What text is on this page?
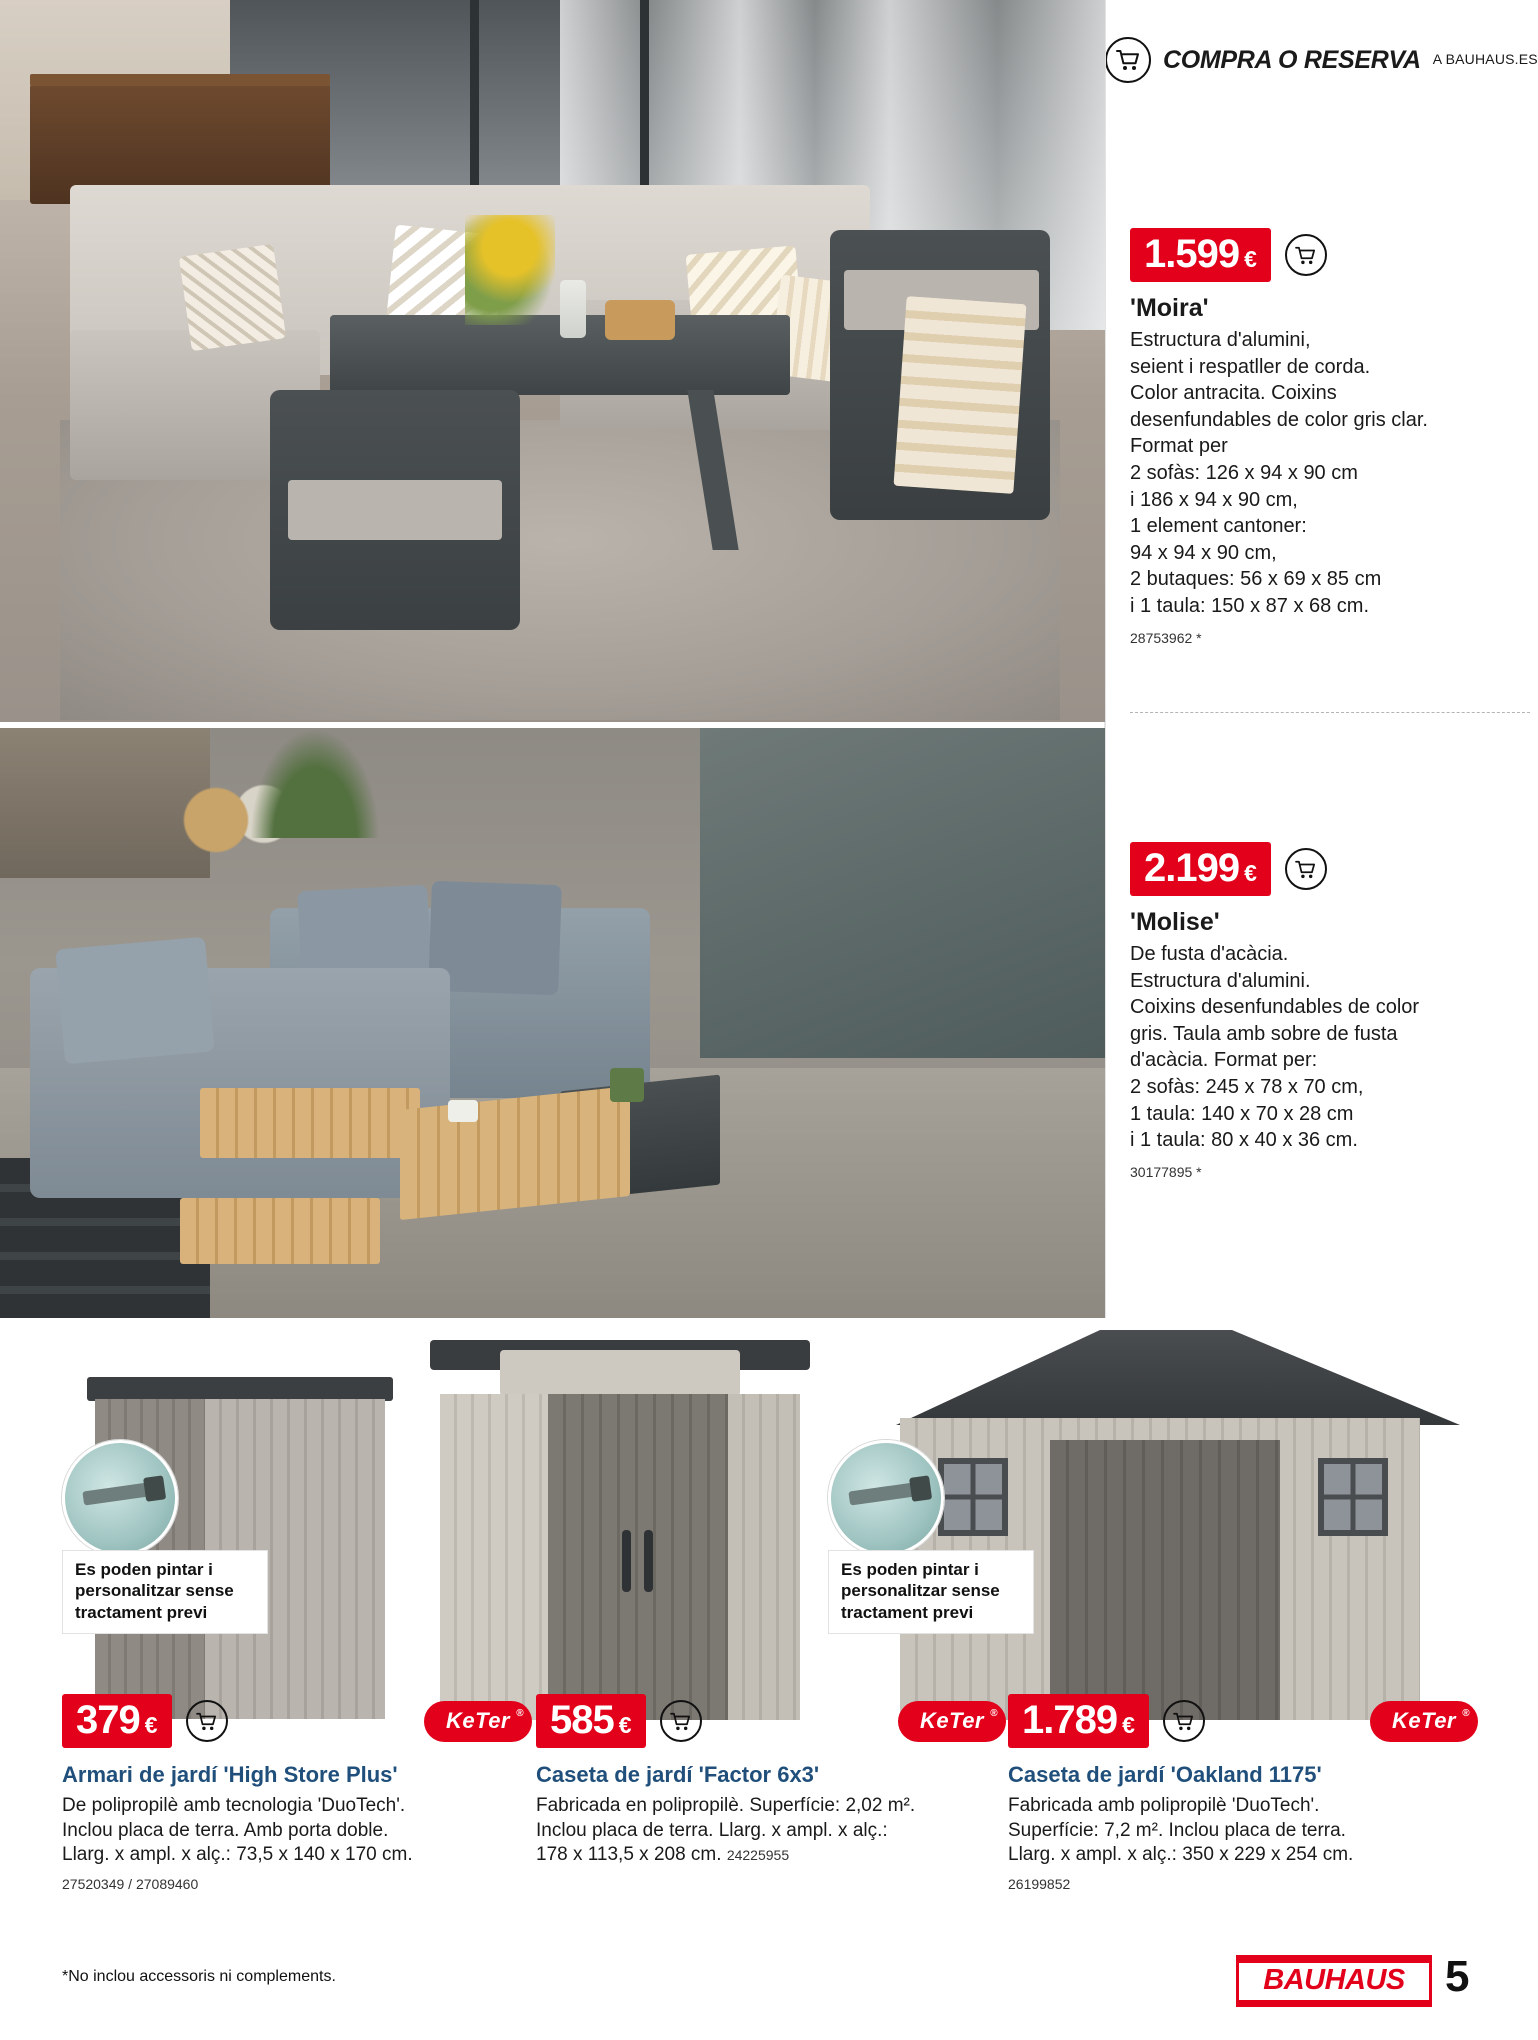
COMPRA O RESERVA A BAUHAUS.ES
1.599 €
'Moira'
Estructura d'alumini,
seient i respatller de corda.
Color antracita. Coixins
desenfundables de color gris clar.
Format per
2 sofàs: 126 x 94 x 90 cm
i 186 x 94 x 90 cm,
1 element cantoner:
94 x 94 x 90 cm,
2 butaques: 56 x 69 x 85 cm
i 1 taula: 150 x 87 x 68 cm.
28753962 *
2.199 €
'Molise'
De fusta d'acàcia.
Estructura d'alumini.
Coixins desenfundables de color
gris. Taula amb sobre de fusta
d'acàcia. Format per:
2 sofàs: 245 x 78 x 70 cm,
1 taula: 140 x 70 x 28 cm
i 1 taula: 80 x 40 x 36 cm.
30177895 *
Es poden pintar i
personalitzar sense
tractament previ
Es poden pintar i
personalitzar sense
tractament previ
379 €	KeTer ®
Armari de jardí 'High Store Plus'

De polipropilè amb tecnologia 'DuoTech'.
Inclou placa de terra. Amb porta doble.
Llarg. x ampl. x alç.: 73,5 x 140 x 170 cm.

27520349 / 27089460
585 €	KeTer ®
Caseta de jardí 'Factor 6x3'

Fabricada en polipropilè. Superfície: 2,02 m².
Inclou placa de terra. Llarg. x ampl. x alç.:
178 x 113,5 x 208 cm. 24225955

1.789 €	KeTer ®
Caseta de jardí 'Oakland 1175'

Fabricada amb polipropilè 'DuoTech'.
Superfície: 7,2 m². Inclou placa de terra.
Llarg. x ampl. x alç.: 350 x 229 x 254 cm.

26199852
*No inclou accessoris ni complements.	BAUHAUS 5
